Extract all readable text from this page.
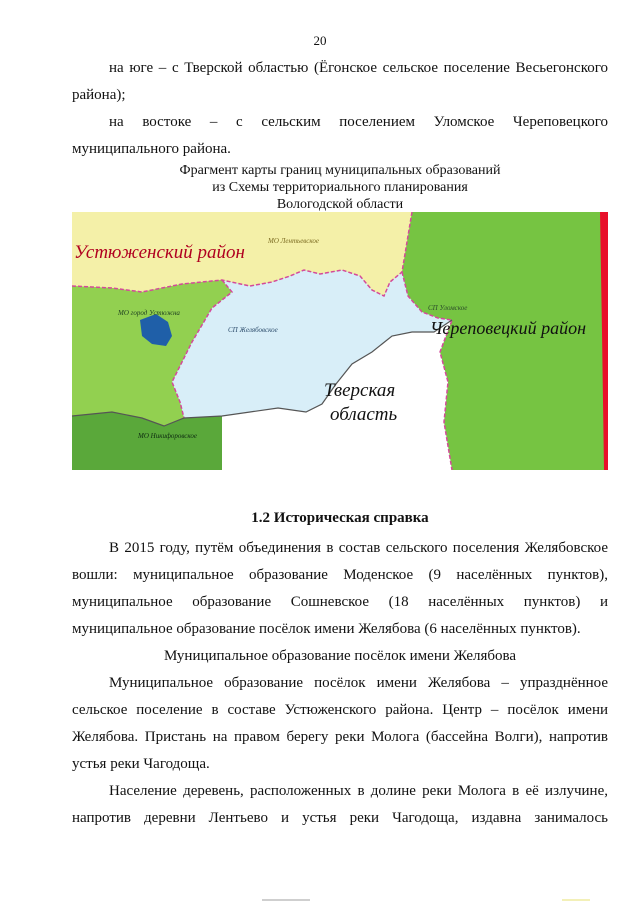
20

на юге – с Тверской областью (Ёгонское сельское поселение Весьегонского

района);

на востоке – с сельским поселением Уломское Череповецкого

муниципального района.

Фрагмент карты границ муниципальных образований
из Схемы территориального планирования
Вологодской области
Устюженский район
МО Лентьевское
МО город Устюжна
СП Желябовское
СП Уломское
Череповецкий район
Тверская
область
МО Никифоровское
1.2 Историческая справка

В 2015 году, путём объединения в состав сельского поселения Желябовское

вошли: муниципальное образование Моденское (9 населённых пунктов),

муниципальное образование Сошневское (18 населённых пунктов) и

муниципальное образование посёлок имени Желябова (6 населённых пунктов).

Муниципальное образование посёлок имени Желябова

Муниципальное образование посёлок имени Желябова – упразднённое

сельское поселение в составе Устюженского района. Центр – посёлок имени

Желябова. Пристань на правом берегу реки Молога (бассейна Волги), напротив

устья реки Чагодоща.

Население деревень, расположенных в долине реки Молога в её излучине,

напротив деревни Лентьево и устья реки Чагодоща, издавна занималось
